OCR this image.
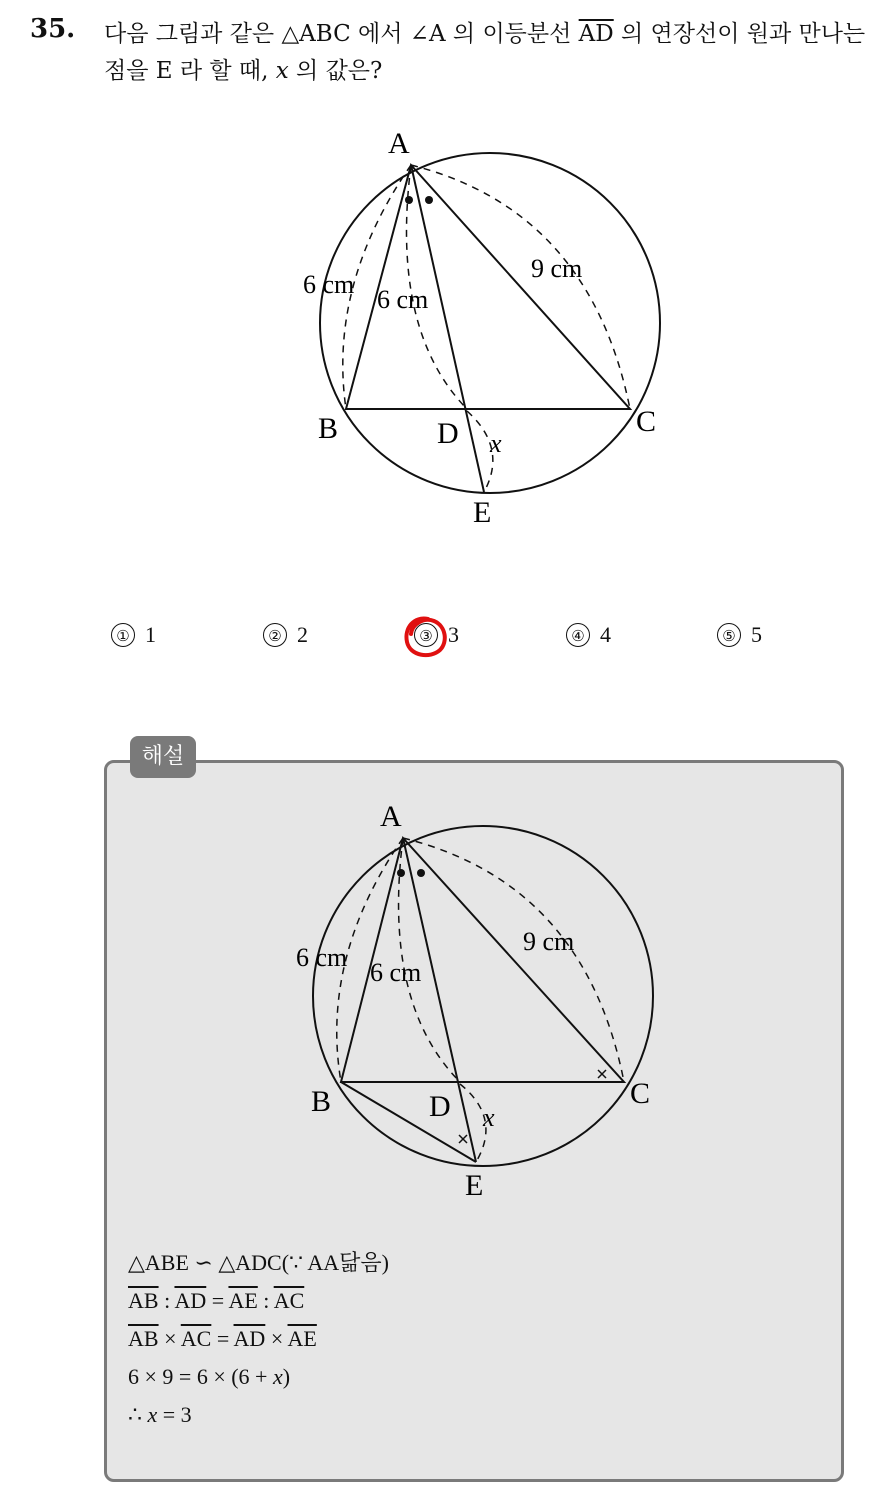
35. 다음 그림과 같은 △ABC 에서 ∠A 의 이등분선 $\overline{AD}$ 의 연장선이 원과 만나는 점을 E 라 할 때, x 의 값은?
A
B	C
D
E
x
6 cm
6 cm
9 cm
① 1	② 2	③ 3	④ 4	⑤ 5
해설
A
B	C
D
E
x
6 cm
6 cm
9 cm
△ABE ∽ △ADC(∵ AA닮음)
$\overline{AB}$ : $\overline{AD} = \overline{AE}$ : $\overline{AC}$
$\overline{AB} \times \overline{AC} = \overline{AD} \times \overline{AE}$
6 × 9 = 6 × (6 + x)
∴ x = 3
